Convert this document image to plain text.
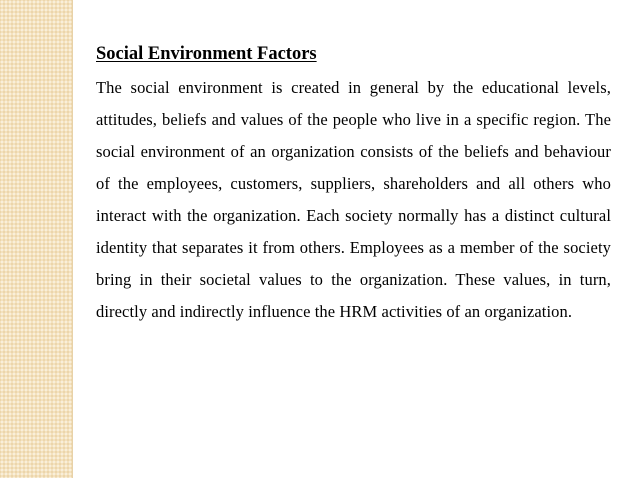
Social Environment Factors

The social environment is created in general by the educational levels, attitudes, beliefs and values of the people who live in a specific region. The social environment of an organization consists of the beliefs and behaviour of the employees, customers, suppliers, shareholders and all others who interact with the organization. Each society normally has a distinct cultural identity that separates it from others. Employees as a member of the society bring in their societal values to the organization. These values, in turn, directly and indirectly influence the HRM activities of an organization.
